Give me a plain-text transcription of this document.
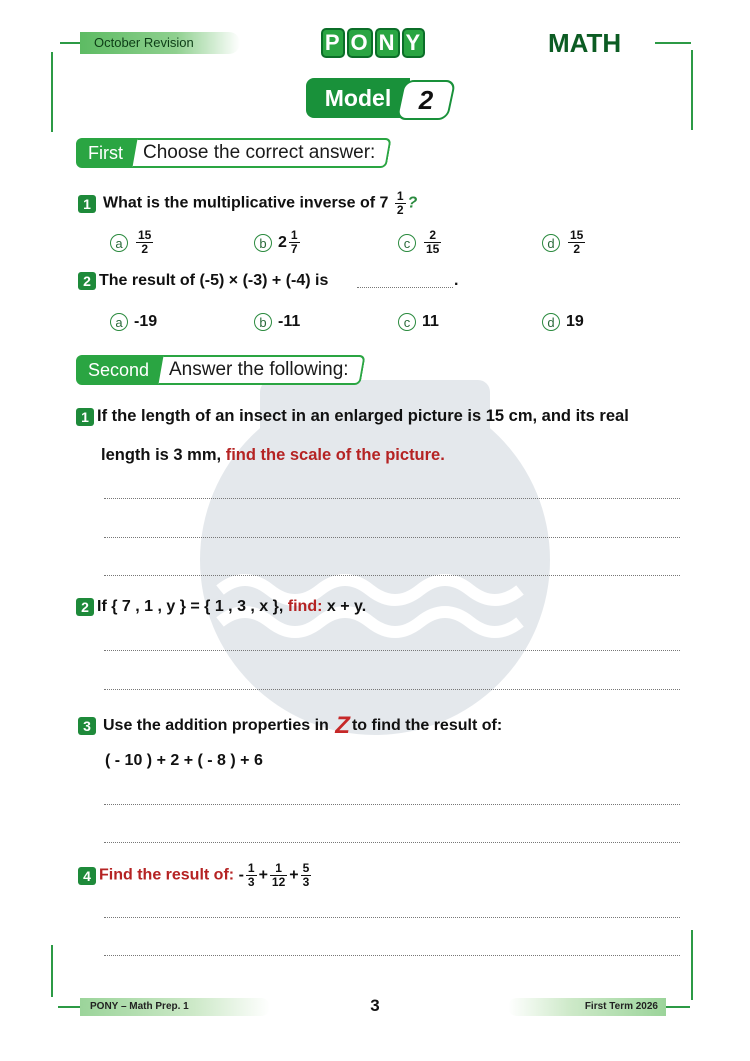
October Revision	P O N Y	MATH
Model	2
First	Choose the correct answer:
1 What is the multiplicative inverse of $7 \frac{1}{2}$ ?
a	$\frac{15}{2}$	b $2 \frac{1}{7}$	c	$\frac{2}{15}$	d	$\frac{15}{2}$
2 The result of (-5) × (-3) + (-4) is	.
a -19	b -11	c 11	d 19
Second	Answer the following:
1 If the length of an insect in an enlarged picture is 15 cm, and its real
length is 3 mm, find the scale of the picture.
2 If { 7 , 1 , y } = { 1 , 3 , x }, find: x + y.
3 Use the addition properties in Z to find the result of:
( - 10 ) + 2 + ( - 8 ) + 6
4 Find the result of: - $\frac{1}{3} + \frac{1}{12} + \frac{5}{3}$
PONY – Math Prep. 1	3	First Term 2026
